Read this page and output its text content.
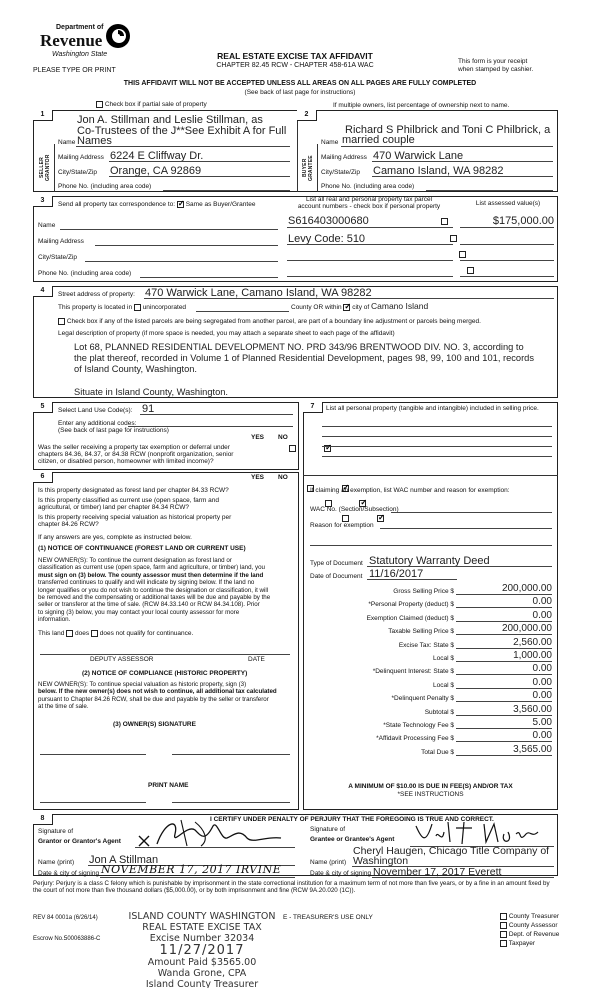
Department of
Revenue
Washington State
PLEASE TYPE OR PRINT
REAL ESTATE EXCISE TAX AFFIDAVIT
CHAPTER 82.45 RCW - CHAPTER 458-61A WAC
This form is your receipt
when stamped by cashier.
THIS AFFIDAVIT WILL NOT BE ACCEPTED UNLESS ALL AREAS ON ALL PAGES ARE FULLY COMPLETED
(See back of last page for instructions)
Check box if partial sale of property	If multiple owners, list percentage of ownership next to name.
1	2
SELLER GRANTOR	BUYER GRANTEE
Jon A. Stillman and Leslie Stillman, as
Co-Trustees of the J**See Exhibit A for Full
Name Names
Mailing Address 6224 E Cliffway Dr.
City/State/Zip Orange, CA 92869
Phone No. (including area code)
Richard S Philbrick and Toni C Philbrick, a
Name married couple
Mailing Address 470 Warwick Lane
City/State/Zip Camano Island, WA 98282
Phone No. (including area code)
3
Send all property tax correspondence to: ✓ Same as Buyer/Grantee
List all real and personal property tax parcel
account numbers - check box if personal property	List assessed value(s)
Name
Mailing Address
City/State/Zip
Phone No. (including area code)
S616403000680
	$175,000.00
Levy Code: 510

4
Street address of property: 470 Warwick Lane, Camano Island, WA 98282
This property is located in unincorporated	County OR within ✓ city of Camano Island
Check box if any of the listed parcels are being segregated from another parcel, are part of a boundary line adjustment or parcels being merged.
Legal description of property (if more space is needed, you may attach a separate sheet to each page of the affidavit)
Lot 68, PLANNED RESIDENTIAL DEVELOPMENT NO. PRD 343/96 BRENTWOOD DIV. NO. 3, according to
the plat thereof, recorded in Volume 1 of Planned Residential Development, pages 98, 99, 100 and 101, records
of Island County, Washington.
Situate in Island County, Washington.
5
Select Land Use Code(s): 91
Enter any additional codes:
(See back of last page for instructions)
YES NO
Was the seller receiving a property tax exemption or deferral under
chapters 84.36, 84.37, or 84.38 RCW (nonprofit organization, senior
citizen, or disabled person, homeowner with limited income)?
✓
6	YES NO
Is this property designated as forest land per chapter 84.33 RCW?
✓
Is this property classified as current use (open space, farm and
agricultural, or timber) land per chapter 84.34 RCW?
✓
Is this property receiving special valuation as historical property per
chapter 84.26 RCW?
✓
If any answers are yes, complete as instructed below.
(1) NOTICE OF CONTINUANCE (FOREST LAND OR CURRENT USE)
NEW OWNER(S): To continue the current designation as forest land or
classification as current use (open space, farm and agriculture, or timber) land, you
must sign on (3) below. The county assessor must then determine if the land
transferred continues to qualify and will indicate by signing below. If the land no
longer qualifies or you do not wish to continue the designation or classification, it will
be removed and the compensating or additional taxes will be due and payable by the
seller or transferor at the time of sale. (RCW 84.33.140 or RCW 84.34.108). Prior
to signing (3) below, you may contact your local county assessor for more
information.
This land does does not qualify for continuance.
DEPUTY ASSESSOR	DATE
(2) NOTICE OF COMPLIANCE (HISTORIC PROPERTY)
NEW OWNER(S): To continue special valuation as historic property, sign (3)
below. If the new owner(s) does not wish to continue, all additional tax calculated
pursuant to Chapter 84.26 RCW, shall be due and payable by the seller or transferor
at the time of sale.
(3) OWNER(S) SIGNATURE
PRINT NAME
7	List all personal property (tangible and intangible) included in selling price.
If claiming an exemption, list WAC number and reason for exemption:
WAC No. (Section/Subsection)
Reason for exemption
Type of Document Statutory Warranty Deed
Date of Document 11/16/2017
Gross Selling Price $	200,000.00
*Personal Property (deduct) $	0.00
Exemption Claimed (deduct) $	0.00
Taxable Selling Price $	200,000.00
Excise Tax: State $	2,560.00
Local $	1,000.00
*Delinquent Interest: State $	0.00
Local $	0.00
*Delinquent Penalty $	0.00
Subtotal $	3,560.00
*State Technology Fee $	5.00
*Affidavit Processing Fee $	0.00
Total Due $	3,565.00
A MINIMUM OF $10.00 IS DUE IN FEE(S) AND/OR TAX
*SEE INSTRUCTIONS
8	I CERTIFY UNDER PENALTY OF PERJURY THAT THE FOREGOING IS TRUE AND CORRECT.
Signature of
Grantor or Grantor's Agent
Name (print) Jon A Stillman
Date & city of signing NOVEMBER 17, 2017 IRVINE
Signature of
Grantee or Grantee's Agent
Cheryl Haugen, Chicago Title Company of
Name (print) Washington
Date & city of signing November 17, 2017 Everett
Perjury: Perjury is a class C felony which is punishable by imprisonment in the state correctional institution for a maximum term of not more than five years, or by a fine in an amount fixed by the court of not more than five thousand dollars ($5,000.00), or by both imprisonment and fine (RCW 9A.20.020 (1C)).
REV 84 0001a (6/26/14)
Escrow No.:
500063886-C
E - TREASURER'S USE ONLY	County Treasurer
County Assessor
Dept. of Revenue
Taxpayer
ISLAND COUNTY WASHINGTON
REAL ESTATE EXCISE TAX
Excise Number 32034
11/27/2017
Amount Paid $3565.00
Wanda Grone, CPA
Island County Treasurer
